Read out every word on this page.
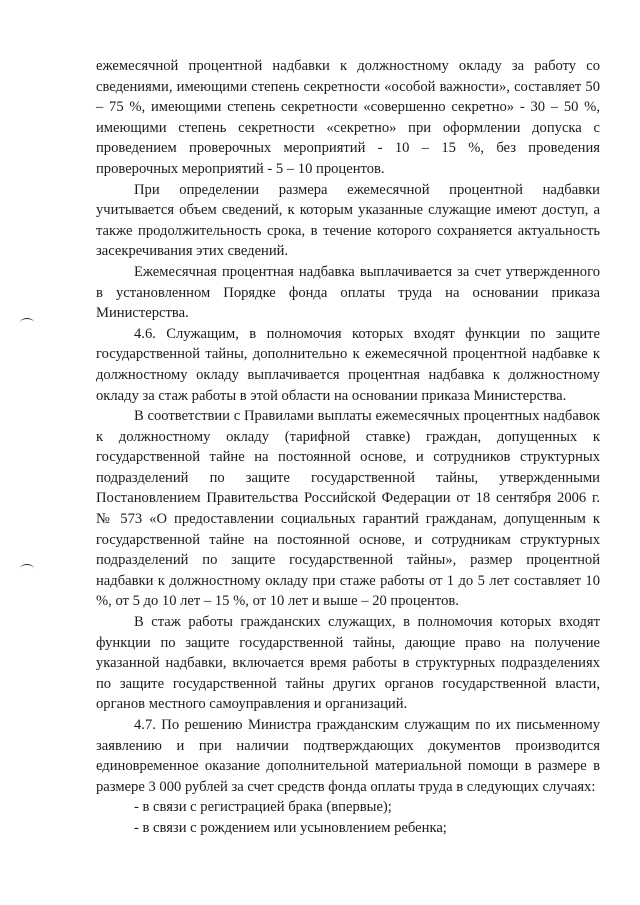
ежемесячной процентной надбавки к должностному окладу за работу со сведениями, имеющими степень секретности «особой важности», составляет 50 – 75 %, имеющими степень секретности «совершенно секретно» - 30 – 50 %, имеющими степень секретности «секретно» при оформлении допуска с проведением проверочных мероприятий - 10 – 15 %, без проведения проверочных мероприятий - 5 – 10 процентов.

При определении размера ежемесячной процентной надбавки учитывается объем сведений, к которым указанные служащие имеют доступ, а также продолжительность срока, в течение которого сохраняется актуальность засекречивания этих сведений.

Ежемесячная процентная надбавка выплачивается за счет утвержденного в установленном Порядке фонда оплаты труда на основании приказа Министерства.

4.6. Служащим, в полномочия которых входят функции по защите государственной тайны, дополнительно к ежемесячной процентной надбавке к должностному окладу выплачивается процентная надбавка к должностному окладу за стаж работы в этой области на основании приказа Министерства.

В соответствии с Правилами выплаты ежемесячных процентных надбавок к должностному окладу (тарифной ставке) граждан, допущенных к государственной тайне на постоянной основе, и сотрудников структурных подразделений по защите государственной тайны, утвержденными Постановлением Правительства Российской Федерации от 18 сентября 2006 г. № 573 «О предоставлении социальных гарантий гражданам, допущенным к государственной тайне на постоянной основе, и сотрудникам структурных подразделений по защите государственной тайны», размер процентной надбавки к должностному окладу при стаже работы от 1 до 5 лет составляет 10 %, от 5 до 10 лет – 15 %, от 10 лет и выше – 20 процентов.

В стаж работы гражданских служащих, в полномочия которых входят функции по защите государственной тайны, дающие право на получение указанной надбавки, включается время работы в структурных подразделениях по защите государственной тайны других органов государственной власти, органов местного самоуправления и организаций.

4.7. По решению Министра гражданским служащим по их письменному заявлению и при наличии подтверждающих документов производится единовременное оказание дополнительной материальной помощи в размере в размере 3 000 рублей за счет средств фонда оплаты труда в следующих случаях:

- в связи с регистрацией брака (впервые);

- в связи с рождением или усыновлением ребенка;
